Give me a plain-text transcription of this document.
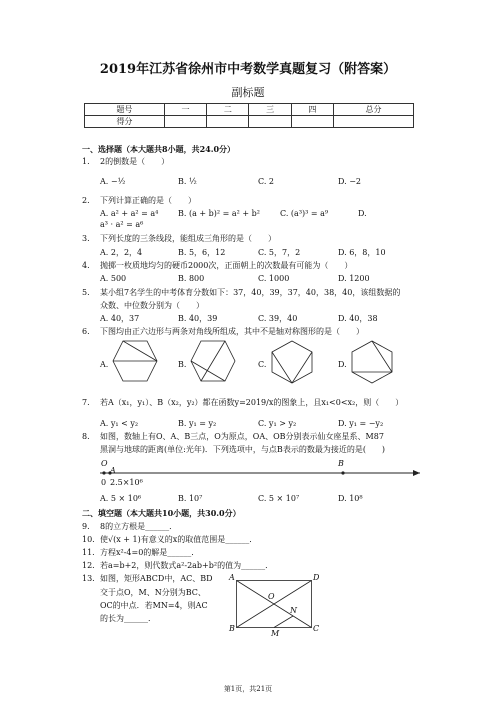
2019年江苏省徐州市中考数学真题复习（附答案）
副标题
题号	一	二	三	四	总分
得分					
一、选择题（本大题共8小题，共24.0分）
1. 2的倒数是（　　）
A. −½	B. ½	C. 2	D. −2
2. 下列计算正确的是（　　）
A. a² + a² = a⁴ B. (a + b)² = a² + b²	C. (a³)³ = a⁹	D.
a³ · a² = a⁶
3. 下列长度的三条线段，能组成三角形的是（　　）
A. 2，2，4	B. 5，6，12	C. 5，7，2	D. 6，8，10
4. 抛掷一枚质地均匀的硬币2000次，正面朝上的次数最有可能为（　　）
A. 500	B. 800	C. 1000	D. 1200
5. 某小组7名学生的中考体育分数如下：37，40，39，37，40，38，40，该组数据的
众数、中位数分别为（　　）
A. 40，37	B. 40，39	C. 39，40	D. 40，38
6. 下图均由正六边形与两条对角线所组成，其中不是轴对称图形的是（　　）
A.	B.	C.	D.
7. 若A（x₁，y₁）、B（x₂，y₂）都在函数y=2019/x的图象上，且x₁<0<x₂，则（　　）
A. y₁ < y₂	B. y₁ = y₂	C. y₁ > y₂	D. y₁ = −y₂
8. 如图，数轴上有O、A、B三点，O为原点，OA、OB分别表示仙女座星系、M87
黑洞与地球的距离(单位:光年)．下列选项中，与点B表示的数最为接近的是(　　)
O
A
B
0 2.5×10⁶
A. 5 × 10⁶	B. 10⁷	C. 5 × 10⁷	D. 10⁸
二、填空题（本大题共10小题，共30.0分）
9. 8的立方根是______．
10. 使√(x + 1)有意义的x的取值范围是______．
11. 方程x²-4=0的解是______．
12. 若a=b+2，则代数式a²-2ab+b²的值为______．
13. 如图，矩形ABCD中，AC、BD
交于点O，M、N分别为BC、
OC的中点．若MN=4，则AC
的长为______．
A	D
B	C
O
N
M
第1页，共21页
